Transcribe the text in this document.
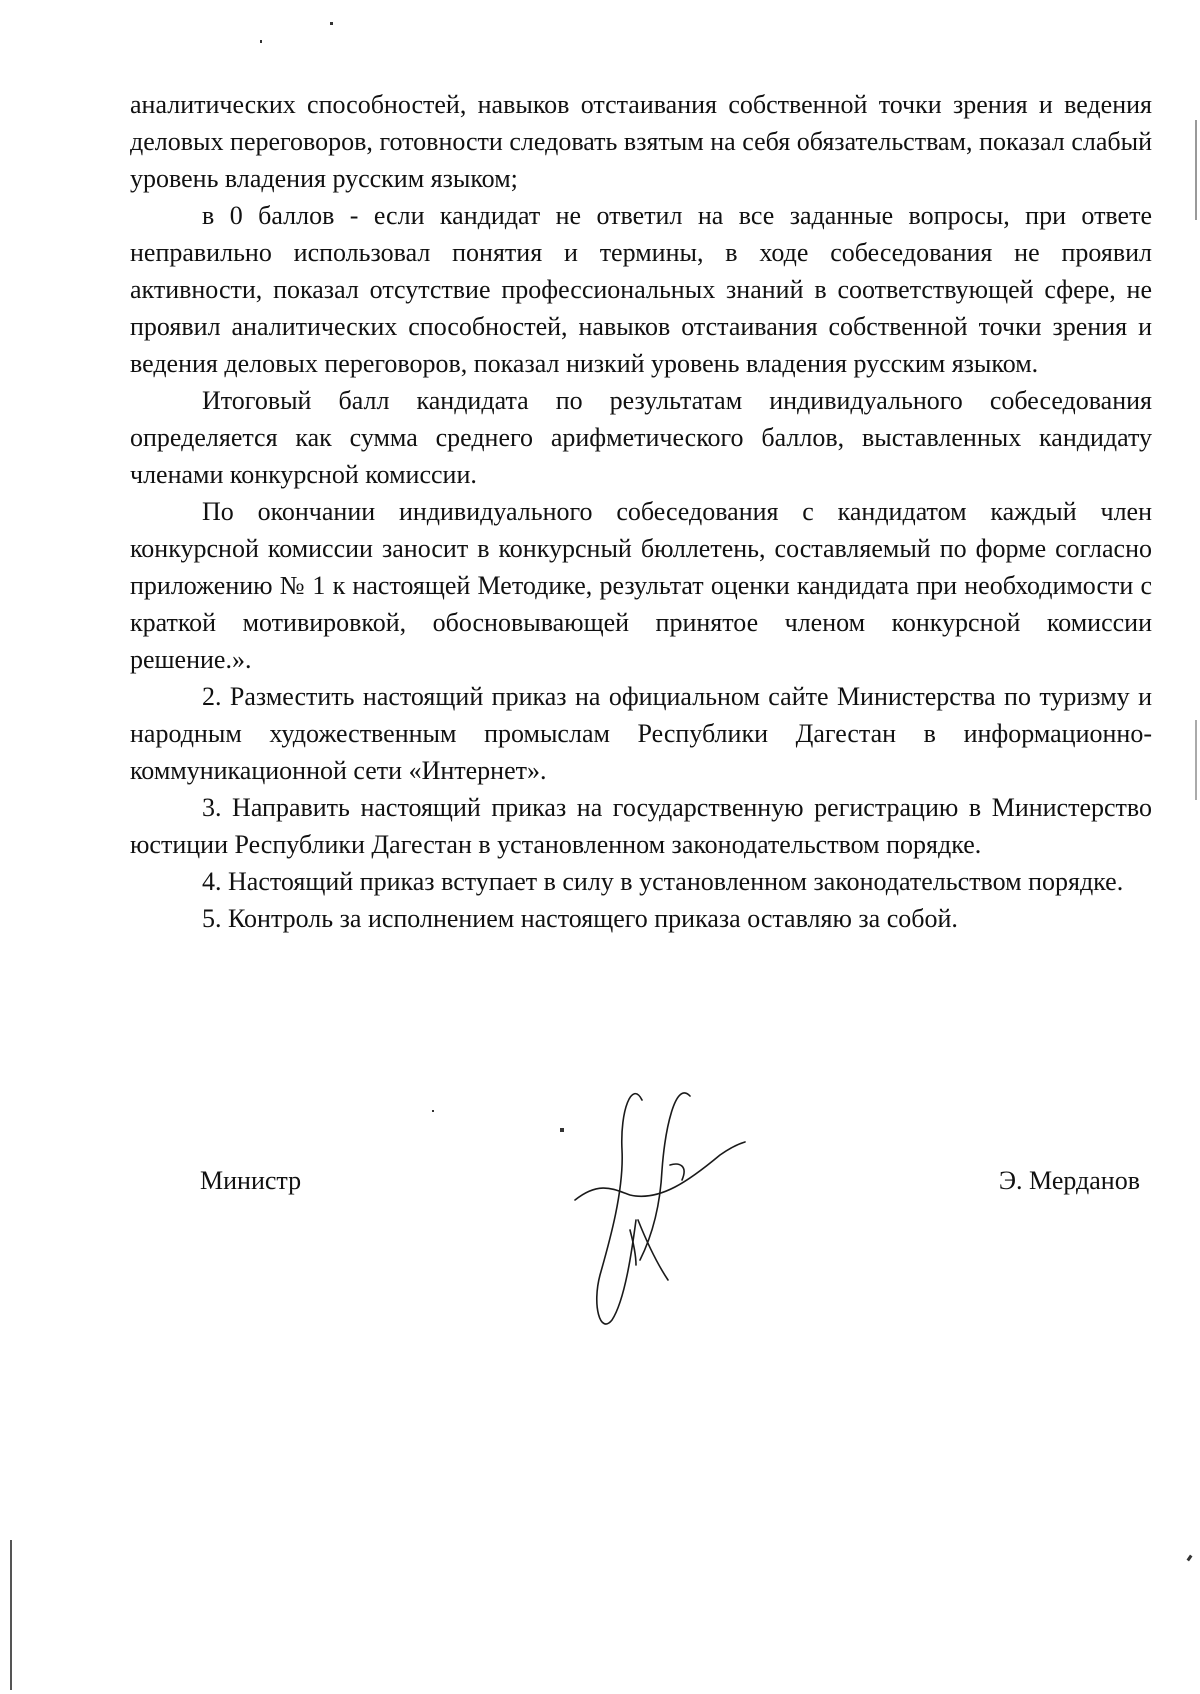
аналитических способностей, навыков отстаивания собственной точки зрения и ведения деловых переговоров, готовности следовать взятым на себя обязательствам, показал слабый уровень владения русским языком;

в 0 баллов - если кандидат не ответил на все заданные вопросы, при ответе неправильно использовал понятия и термины, в ходе собеседования не проявил активности, показал отсутствие профессиональных знаний в соответствующей сфере, не проявил аналитических способностей, навыков отстаивания собственной точки зрения и ведения деловых переговоров, показал низкий уровень владения русским языком.

Итоговый балл кандидата по результатам индивидуального собеседования определяется как сумма среднего арифметического баллов, выставленных кандидату членами конкурсной комиссии.

По окончании индивидуального собеседования с кандидатом каждый член конкурсной комиссии заносит в конкурсный бюллетень, составляемый по форме согласно приложению № 1 к настоящей Методике, результат оценки кандидата при необходимости с краткой мотивировкой, обосновывающей принятое членом конкурсной комиссии решение.».

2. Разместить настоящий приказ на официальном сайте Министерства по туризму и народным художественным промыслам Республики Дагестан в информационно-коммуникационной сети «Интернет».

3. Направить настоящий приказ на государственную регистрацию в Министерство юстиции Республики Дагестан в установленном законодательством порядке.

4. Настоящий приказ вступает в силу в установленном законодательством порядке.

5. Контроль за исполнением настоящего приказа оставляю за собой.

Министр	Э. Мерданов
